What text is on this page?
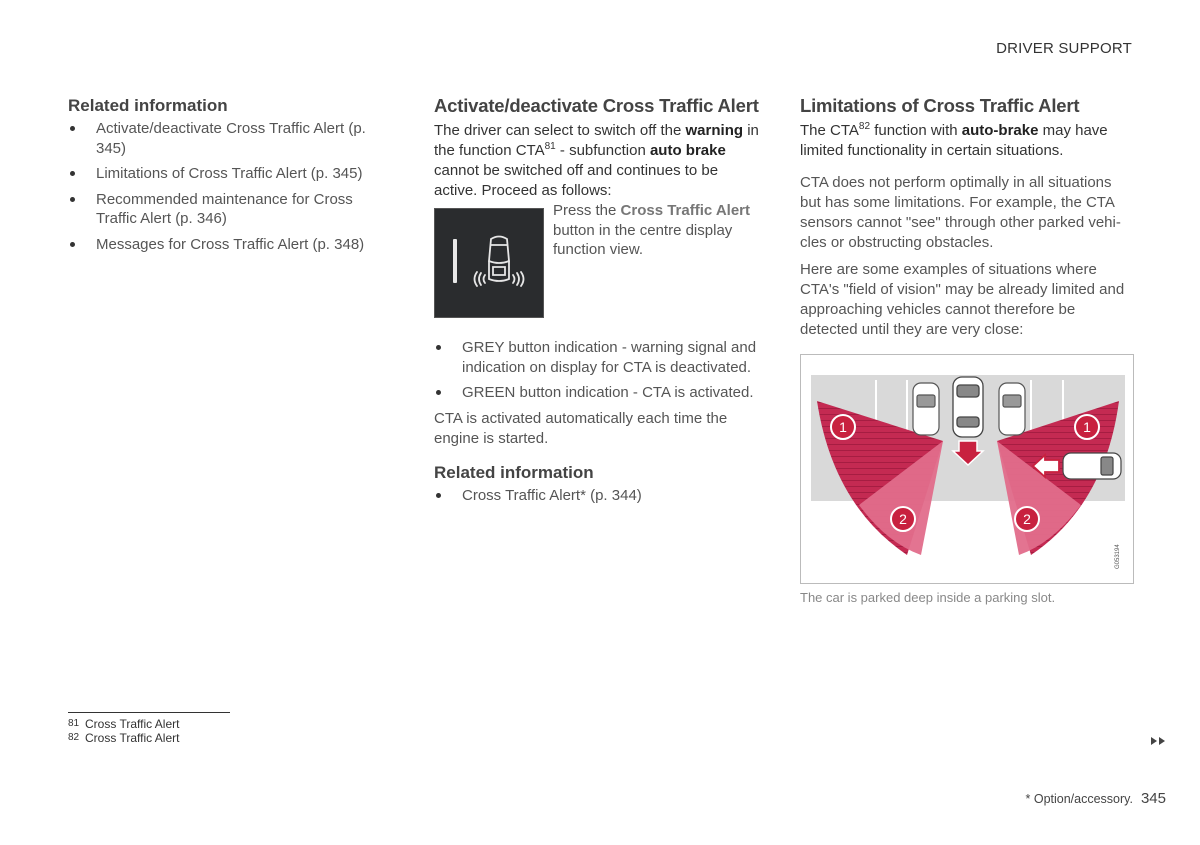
DRIVER SUPPORT
Related information
Activate/deactivate Cross Traffic Alert (p. 345)
Limitations of Cross Traffic Alert (p. 345)
Recommended maintenance for Cross Traffic Alert (p. 346)
Messages for Cross Traffic Alert (p. 348)
Activate/deactivate Cross Traffic Alert

The driver can select to switch off the warning in the function CTA$^{81}$ - subfunction auto brake cannot be switched off and continues to be active. Proceed as follows:

Press the Cross Traffic Alert button in the centre display function view.
GREY button indication - warning signal and indication on display for CTA is deactivated.
GREEN button indication - CTA is activated.

CTA is activated automatically each time the engine is started.

Related information
Cross Traffic Alert* (p. 344)
Limitations of Cross Traffic Alert

The CTA$^{82}$ function with auto-brake may have limited functionality in certain situations.

CTA does not perform optimally in all situations but has some limitations. For example, the CTA sensors cannot "see" through other parked vehi-cles or obstructing obstacles.

Here are some examples of situations where CTA's "field of vision" may be already limited and approaching vehicles cannot therefore be detected until they are very close:

1	1
2	2
G053194
The car is parked deep inside a parking slot.
81 Cross Traffic Alert
82 Cross Traffic Alert
* Option/accessory. 345
